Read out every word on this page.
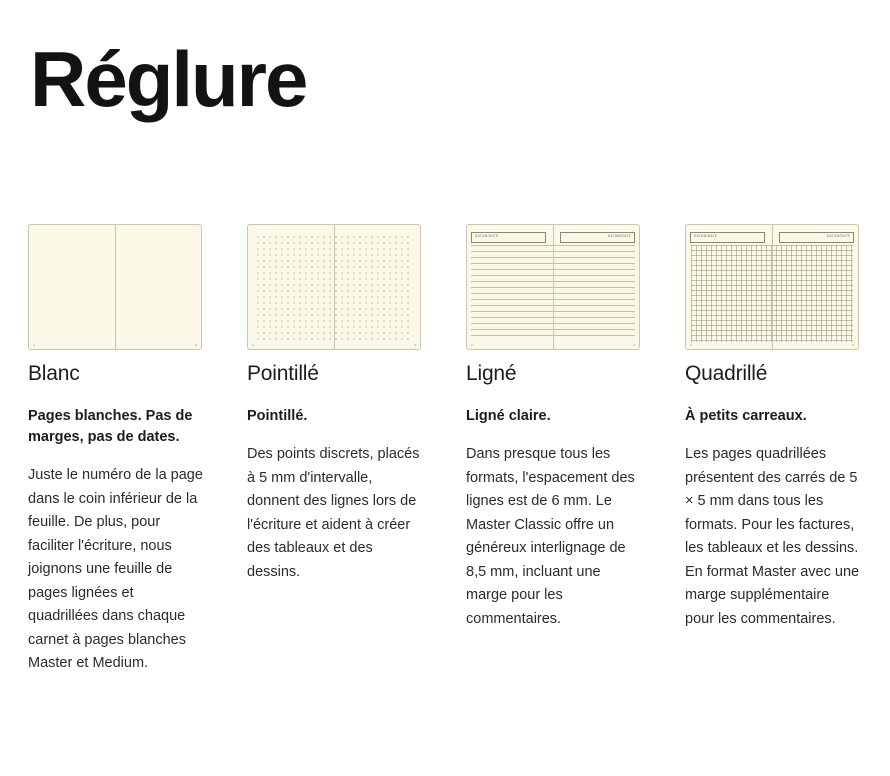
Réglure
2	3
Blanc

Pages blanches. Pas de marges, pas de dates.

Juste le numéro de la page dans le coin inférieur de la feuille. De plus, pour faciliter l'écriture, nous joignons une feuille de pages lignées et quadrillées dans chaque carnet à pages blanches Master et Medium.

2	3
Pointillé

Pointillé.

Des points discrets, placés à 5 mm d'intervalle, donnent des lignes lors de l'écriture et aident à créer des tableaux et des dessins.

DATUM/DATE	DATUM/DATE
2	3
Ligné

Ligné claire.

Dans presque tous les formats, l'espacement des lignes est de 6 mm. Le Master Classic offre un généreux interlignage de 8,5 mm, incluant une marge pour les commentaires.

DATUM/DATE	DATUM/DATE
2	3
Quadrillé

À petits carreaux.

Les pages quadrillées présentent des carrés de 5 × 5 mm dans tous les formats. Pour les factures, les tableaux et les dessins. En format Master avec une marge supplémentaire pour les commentaires.
